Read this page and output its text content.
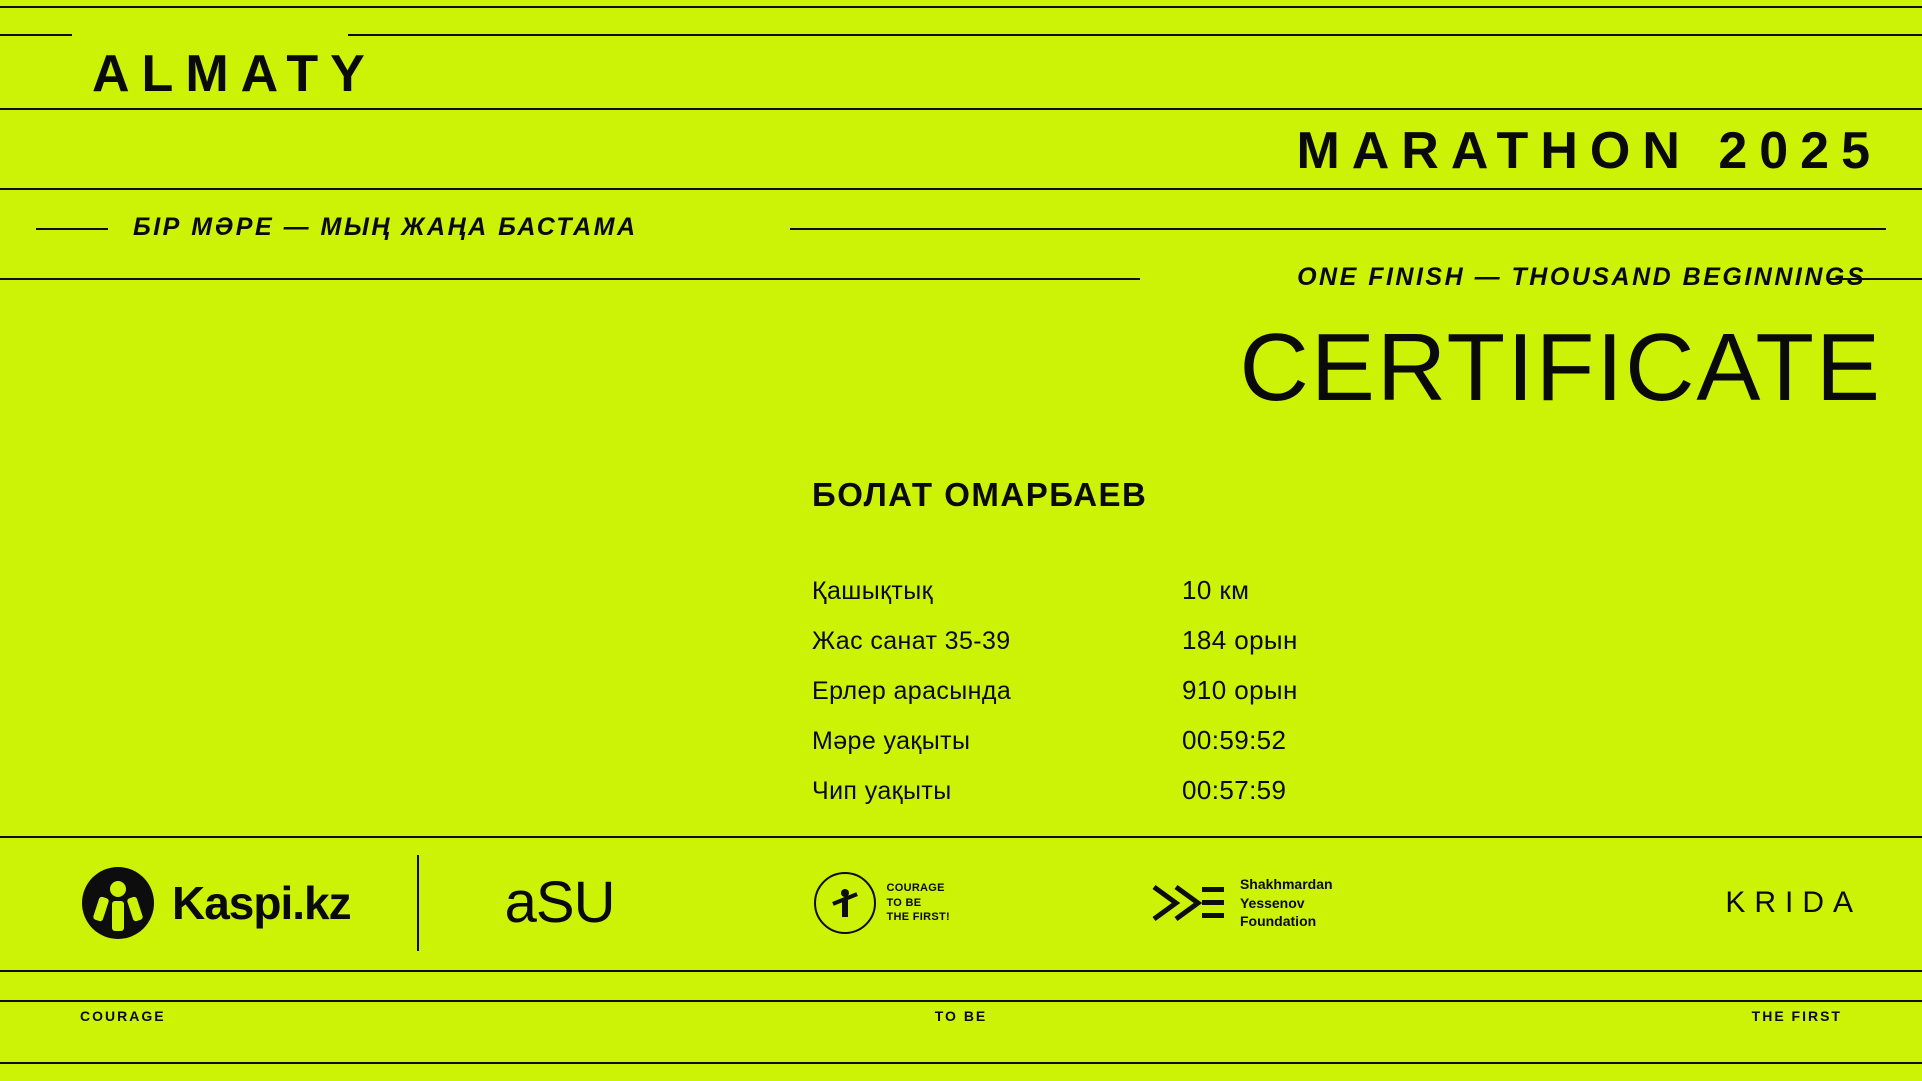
ALMATY
MARATHON 2025
БІР МӘРЕ — МЫҢ ЖАҢА БАСТАМА
ONE FINISH — THOUSAND BEGINNINGS
CERTIFICATE
БОЛАТ ОМАРБАЕВ
Қашықтық	10 км
Жас санат 35-39	184 орын
Ерлер арасында	910 орын
Мәре уақыты	00:59:52
Чип уақыты	00:57:59
Kaspi.kz	aSU	COURAGE
TO BE
THE FIRST!
Shakhmardan
Yessenov
Foundation
KRIDA
COURAGE	TO BE	THE FIRST
